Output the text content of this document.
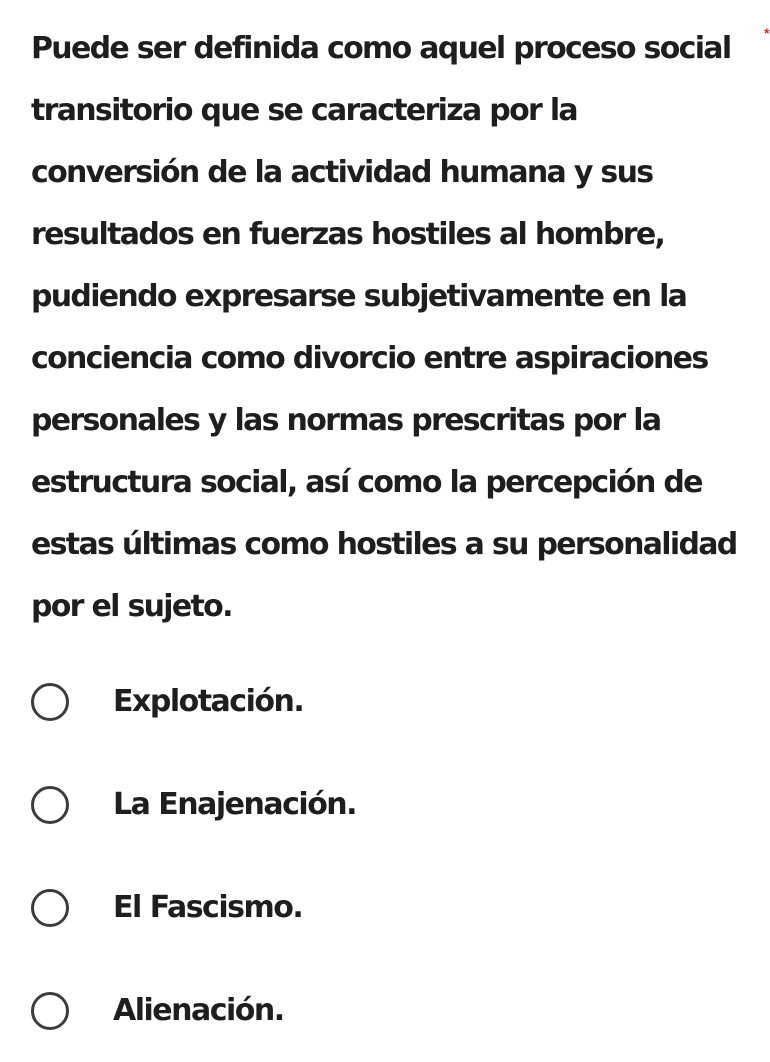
*

Puede ser definida como aquel proceso social transitorio que se caracteriza por la conversión de la actividad humana y sus resultados en fuerzas hostiles al hombre, pudiendo expresarse subjetivamente en la conciencia como divorcio entre aspiraciones personales y las normas prescritas por la estructura social, así como la percepción de estas últimas como hostiles a su personalidad por el sujeto.

Explotación.
La Enajenación.
El Fascismo.
Alienación.
